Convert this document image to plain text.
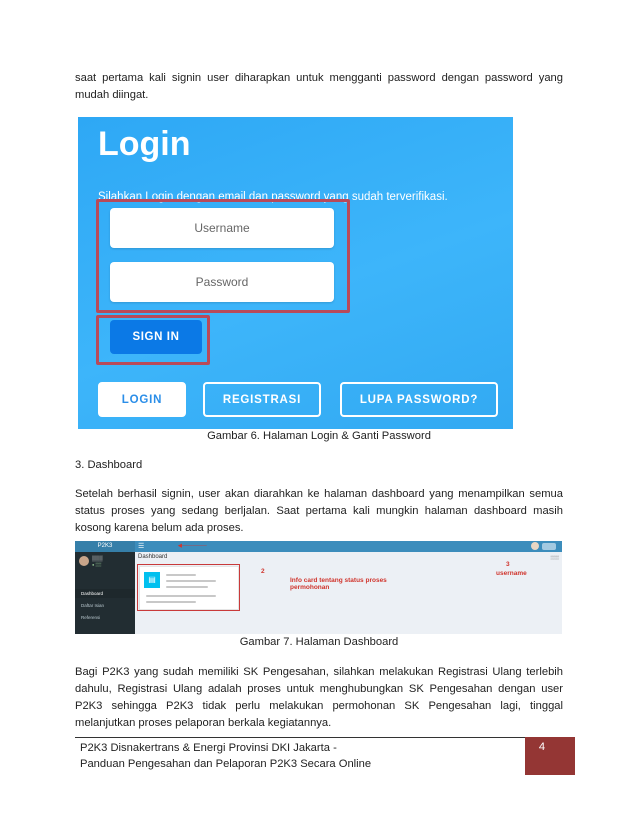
saat pertama kali signin user diharapkan untuk mengganti password dengan password yang mudah diingat.

Login
Silahkan Login dengan email dan password yang sudah terverifikasi.
Username
Password
SIGN IN
LOGIN	REGISTRASI	LUPA PASSWORD?

Gambar 6. Halaman Login & Ganti Password

3. Dashboard

Setelah berhasil signin, user akan diarahkan ke halaman dashboard yang menampilkan semua status proses yang sedang berljalan. Saat pertama kali mungkin halaman dashboard masih kosong karena belum ada proses.

P2K3	☰
▒▒▒
● ▒▒
Dashboard
Daftar Isian
Referensi
Dashboard	▒▒▒
▤
◀───────
2
Info card tentang status proses permohonan
3
username

Gambar 7. Halaman Dashboard

Bagi P2K3 yang sudah memiliki SK Pengesahan, silahkan melakukan Registrasi Ulang terlebih dahulu, Registrasi Ulang adalah proses untuk menghubungkan SK Pengesahan dengan user P2K3 sehingga P2K3 tidak perlu melakukan permohonan SK Pengesahan lagi, tinggal melanjutkan proses pelaporan berkala kegiatannya.

P2K3 Disnakertrans & Energi Provinsi DKI Jakarta -
Panduan Pengesahan dan Pelaporan P2K3 Secara Online
4
